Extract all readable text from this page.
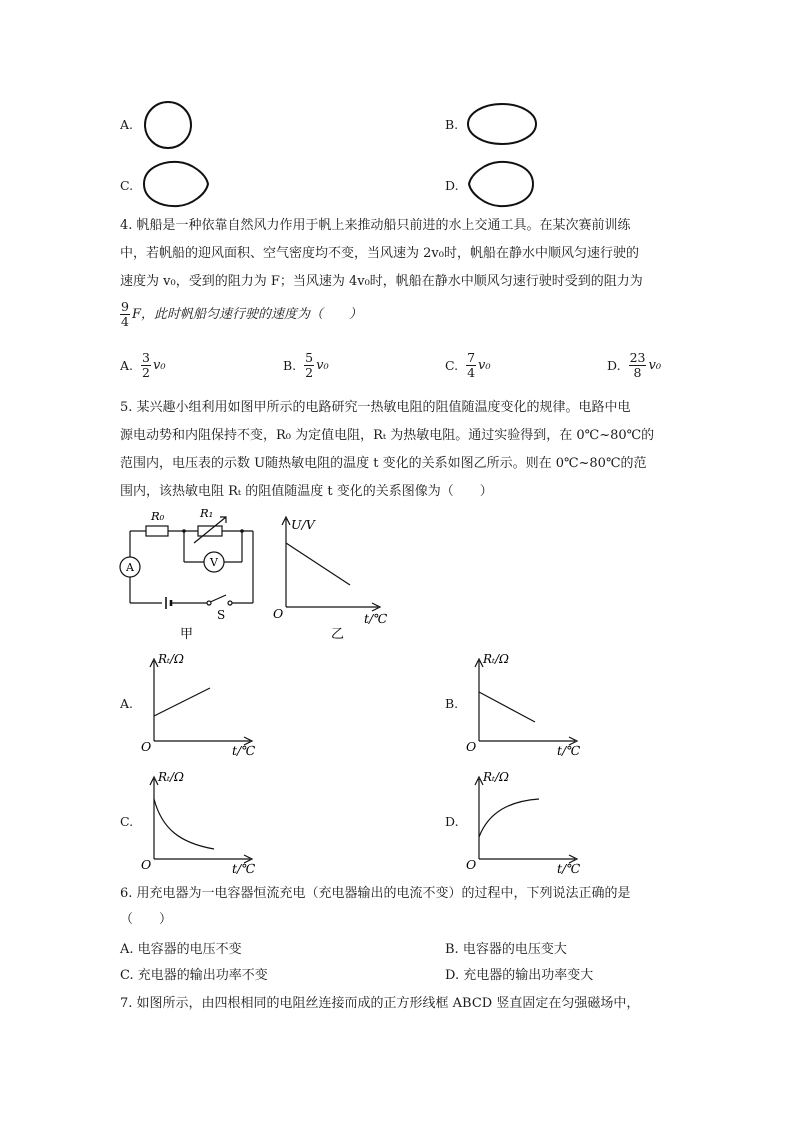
A.	B.
C.	D.
4. 帆船是一种依靠自然风力作用于帆上来推动船只前进的水上交通工具。在某次赛前训练
中，若帆船的迎风面积、空气密度均不变，当风速为 2v₀时，帆船在静水中顺风匀速行驶的
速度为 v₀，受到的阻力为 F；当风速为 4v₀时，帆船在静水中顺风匀速行驶时受到的阻力为
$\frac{9}{4}$ F，此时帆船匀速行驶的速度为（　　）
A. $\frac{3}{2} v_0$	B. $\frac{5}{2} v_0$	C. $\frac{7}{4} v_0$	D. $\frac{23}{8} v_0$
5. 某兴趣小组利用如图甲所示的电路研究一热敏电阻的阻值随温度变化的规律。电路中电
源电动势和内阻保持不变，R₀ 为定值电阻，Rₜ 为热敏电阻。通过实验得到，在 0℃~80℃的
范围内，电压表的示数 U随热敏电阻的温度 t 变化的关系如图乙所示。则在 0℃~80℃的范
围内，该热敏电阻 Rₜ 的阻值随温度 t 变化的关系图像为（　　）
R₀	R₁
A	V
S
甲
U/V
O	t/℃
乙
A.
Rₜ/Ω
O	t/℃
B.
Rₜ/Ω
O	t/℃
C.
Rₜ/Ω
O	t/℃
D.
Rₜ/Ω
O	t/℃
6. 用充电器为一电容器恒流充电（充电器输出的电流不变）的过程中，下列说法正确的是
（　　）
A. 电容器的电压不变	B. 电容器的电压变大
C. 充电器的输出功率不变	D. 充电器的输出功率变大
7. 如图所示，由四根相同的电阻丝连接而成的正方形线框 ABCD 竖直固定在匀强磁场中，
